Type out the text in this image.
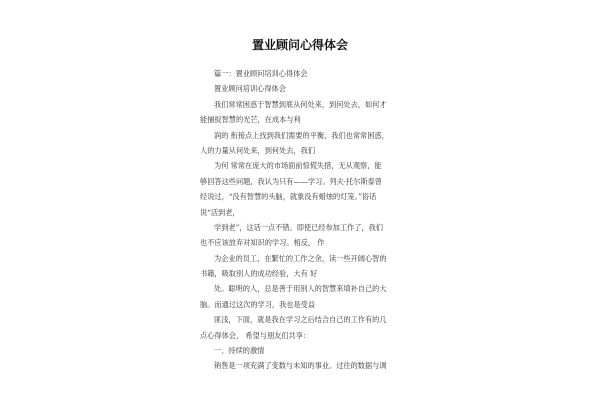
置业顾问心得体会
篇一：置业顾问培训心得体会
置业顾问培训心得体会
我们常常困惑于智慧到底从何处来，到何处去，如何才
能捕捉智慧的光芒，在成本与利
润的 衔接点上找到我们需要的平衡，我们也常常困惑，
人的力量从何处来，到何处去，我们
为何 常常在庞大的市场面前惊慌失措，无从观察，能
够回答这些问题，我认为只有——学习。列夫·托尔斯泰曾
经说过，“没有智慧的头脑，就象没有蜡烛的灯笼。”俗话
说“活到老，
学到老”，这话一点不错。即使已经参加工作了，我们
也不应该放弃对知识的学习。相反， 作
为企业的员工，在繁忙的工作之余，读一些开阔心智的
书籍，吸取别人的成功经验，大有 好
处。聪明的人，总是善于用别人的智慧来填补自己的大
脑。而通过这次的学习，我也是受益
匪浅，下面，就是我在学习之后结合自己的工作有的几
点心得体会， 希望与朋友们共享：
一、持续的激情
销售是一项充满了变数与未知的事业。过往的数据与调
